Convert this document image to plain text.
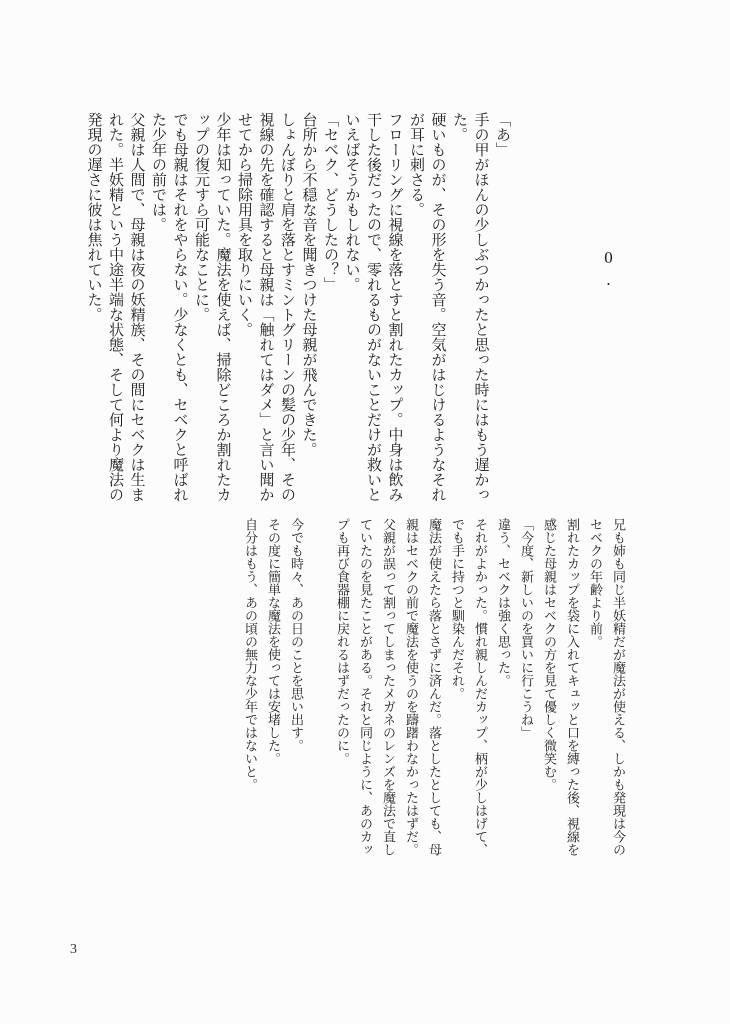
0.

「あ」

手の甲がほんの少しぶつかったと思った時にはもう遅かった。

硬いものが、その形を失う音。空気がはじけるようなそれが耳に刺さる。

フローリングに視線を落とすと割れたカップ。中身は飲み干した後だったので、零れるものがないことだけが救いといえばそうかもしれない。

「セベク、どうしたの？」

台所から不穏な音を聞きつけた母親が飛んできた。

しょんぼりと肩を落とすミントグリーンの髪の少年、その視線の先を確認すると母親は「触れてはダメ」と言い聞かせてから掃除用具を取りにいく。

少年は知っていた。魔法を使えば、掃除どころか割れたカップの復元すら可能なことに。

でも母親はそれをやらない。少なくとも、セベクと呼ばれた少年の前では。

父親は人間で、母親は夜の妖精族、その間にセベクは生まれた。半妖精という中途半端な状態、そして何より魔法の発現の遅さに彼は焦れていた。

兄も姉も同じ半妖精だが魔法が使える、しかも発現は今のセベクの年齢より前。

割れたカップを袋に入れてキュッと口を縛った後、視線を感じた母親はセベクの方を見て優しく微笑む。

「今度、新しいのを買いに行こうね」

違う、セベクは強く思った。

それがよかった。慣れ親しんだカップ、柄が少しはげて、でも手に持つと馴染んだそれ。

魔法が使えたら落とさずに済んだ。落としたとしても、母親はセベクの前で魔法を使うのを躊躇わなかったはずだ。父親が誤って割ってしまったメガネのレンズを魔法で直していたのを見たことがある。それと同じように、あのカップも再び食器棚に戻れるはずだったのに。

今でも時々、あの日のことを思い出す。

その度に簡単な魔法を使っては安堵した。

自分はもう、あの頃の無力な少年ではないと。

3
